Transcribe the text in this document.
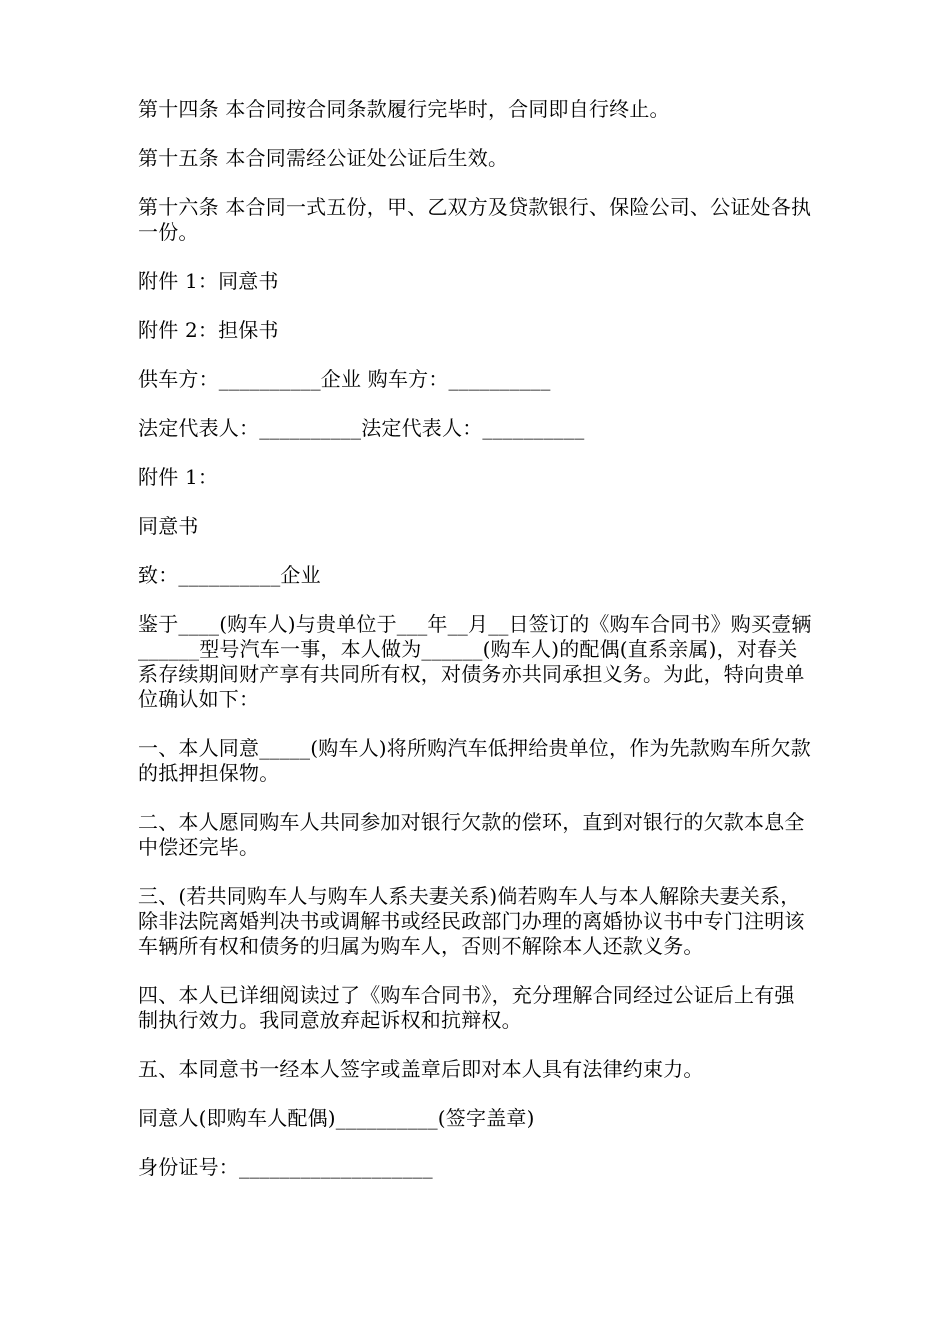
第十四条 本合同按合同条款履行完毕时，合同即自行终止。

第十五条 本合同需经公证处公证后生效。

第十六条 本合同一式五份，甲、乙双方及贷款银行、保险公司、公证处各执一份。

附件 1：同意书

附件 2：担保书

供车方：__________企业 购车方：__________

法定代表人：__________法定代表人：__________

附件 1：

同意书

致：__________企业

鉴于____(购车人)与贵单位于___年__月__日签订的《购车合同书》购买壹辆______型号汽车一事，本人做为______(购车人)的配偶(直系亲属)，对春关系存续期间财产享有共同所有权，对债务亦共同承担义务。为此，特向贵单位确认如下：

一、本人同意_____(购车人)将所购汽车低押给贵单位，作为先款购车所欠款的抵押担保物。

二、本人愿同购车人共同参加对银行欠款的偿环，直到对银行的欠款本息全中偿还完毕。

三、(若共同购车人与购车人系夫妻关系)倘若购车人与本人解除夫妻关系，除非法院离婚判决书或调解书或经民政部门办理的离婚协议书中专门注明该车辆所有权和债务的归属为购车人，否则不解除本人还款义务。

四、本人已详细阅读过了《购车合同书》，充分理解合同经过公证后上有强制执行效力。我同意放弃起诉权和抗辩权。

五、本同意书一经本人签字或盖章后即对本人具有法律约束力。

同意人(即购车人配偶)__________(签字盖章)

身份证号：___________________
